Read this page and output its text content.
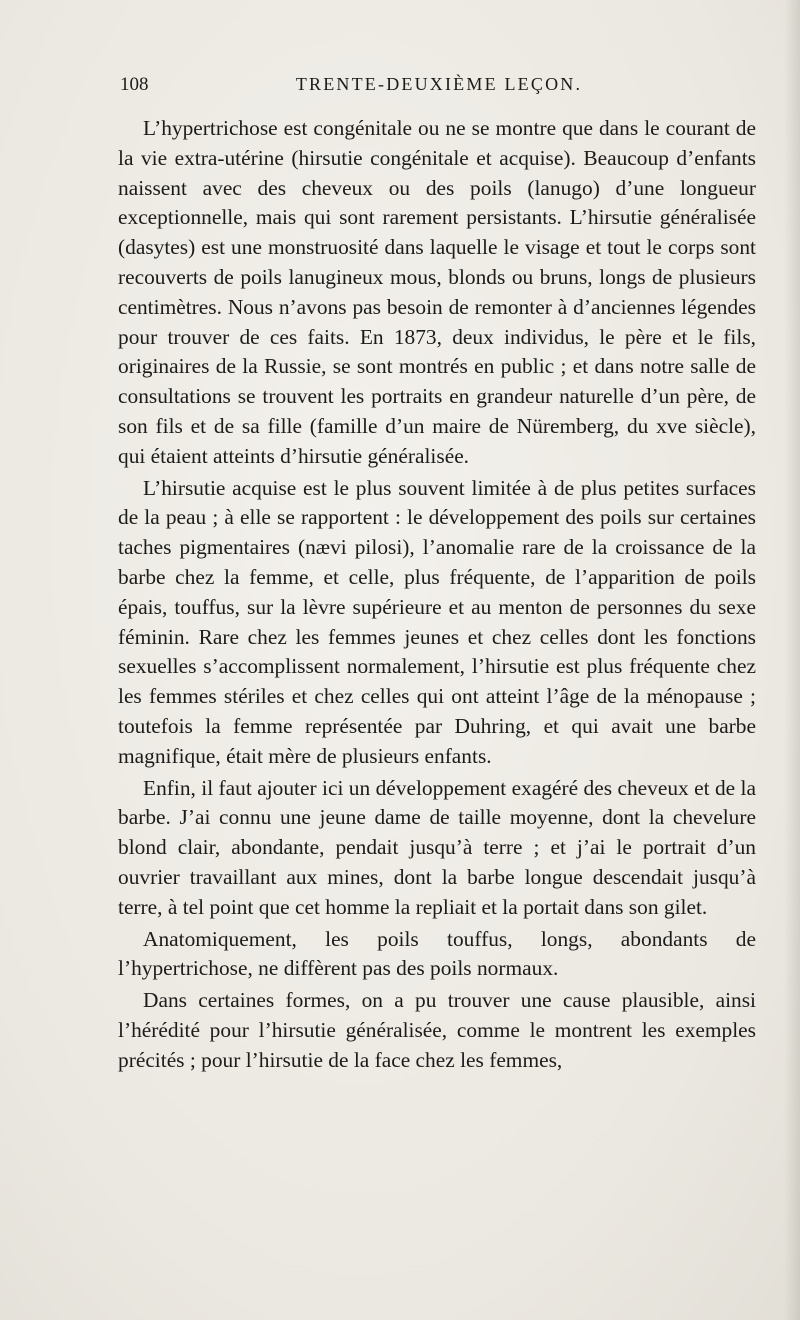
108	TRENTE-DEUXIÈME LEÇON.

L’hypertrichose est congénitale ou ne se montre que dans le courant de la vie extra-utérine (hirsutie congénitale et acquise). Beaucoup d’enfants naissent avec des cheveux ou des poils (lanugo) d’une longueur exceptionnelle, mais qui sont rarement persistants. L’hirsutie généralisée (dasytes) est une monstruosité dans laquelle le visage et tout le corps sont recouverts de poils lanugineux mous, blonds ou bruns, longs de plusieurs centimètres. Nous n’avons pas besoin de remonter à d’anciennes légendes pour trouver de ces faits. En 1873, deux individus, le père et le fils, originaires de la Russie, se sont montrés en public ; et dans notre salle de consultations se trouvent les portraits en grandeur naturelle d’un père, de son fils et de sa fille (famille d’un maire de Nüremberg, du xve siècle), qui étaient atteints d’hirsutie généralisée.

L’hirsutie acquise est le plus souvent limitée à de plus petites surfaces de la peau ; à elle se rapportent : le développement des poils sur certaines taches pigmentaires (nævi pilosi), l’anomalie rare de la croissance de la barbe chez la femme, et celle, plus fréquente, de l’apparition de poils épais, touffus, sur la lèvre supérieure et au menton de personnes du sexe féminin. Rare chez les femmes jeunes et chez celles dont les fonctions sexuelles s’accomplissent normalement, l’hirsutie est plus fréquente chez les femmes stériles et chez celles qui ont atteint l’âge de la ménopause ; toutefois la femme représentée par Duhring, et qui avait une barbe magnifique, était mère de plusieurs enfants.

Enfin, il faut ajouter ici un développement exagéré des cheveux et de la barbe. J’ai connu une jeune dame de taille moyenne, dont la chevelure blond clair, abondante, pendait jusqu’à terre ; et j’ai le portrait d’un ouvrier travaillant aux mines, dont la barbe longue descendait jusqu’à terre, à tel point que cet homme la repliait et la portait dans son gilet.

Anatomiquement, les poils touffus, longs, abondants de l’hypertrichose, ne diffèrent pas des poils normaux.

Dans certaines formes, on a pu trouver une cause plausible, ainsi l’hérédité pour l’hirsutie généralisée, comme le montrent les exemples précités ; pour l’hirsutie de la face chez les femmes,
